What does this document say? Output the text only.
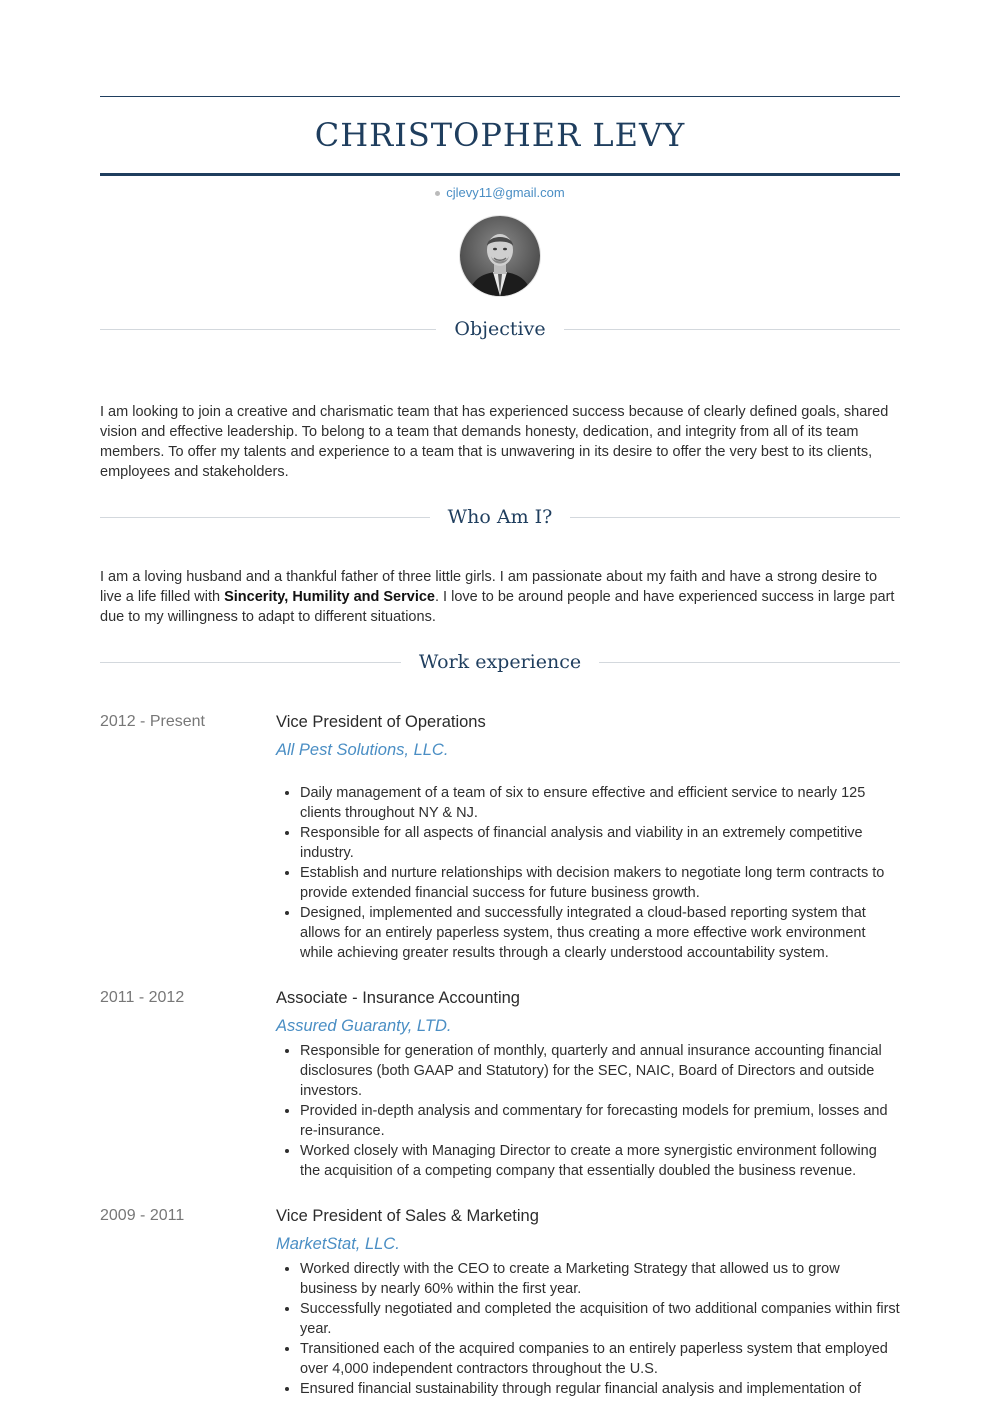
CHRISTOPHER LEVY
cjlevy11@gmail.com
Objective
I am looking to join a creative and charismatic team that has experienced success because of clearly defined goals, shared vision and effective leadership. To belong to a team that demands honesty, dedication, and integrity from all of its team members. To offer my talents and experience to a team that is unwavering in its desire to offer the very best to its clients, employees and stakeholders.
Who Am I?
I am a loving husband and a thankful father of three little girls. I am passionate about my faith and have a strong desire to live a life filled with Sincerity, Humility and Service. I love to be around people and have experienced success in large part due to my willingness to adapt to different situations.
Work experience
2012 - Present	Vice President of Operations
All Pest Solutions, LLC.
• Daily management of a team of six to ensure effective and efficient service to nearly 125 clients throughout NY & NJ.
• Responsible for all aspects of financial analysis and viability in an extremely competitive industry.
• Establish and nurture relationships with decision makers to negotiate long term contracts to provide extended financial success for future business growth.
• Designed, implemented and successfully integrated a cloud-based reporting system that allows for an entirely paperless system, thus creating a more effective work environment while achieving greater results through a clearly understood accountability system.
2011 - 2012	Associate - Insurance Accounting
Assured Guaranty, LTD.
• Responsible for generation of monthly, quarterly and annual insurance accounting financial disclosures (both GAAP and Statutory) for the SEC, NAIC, Board of Directors and outside investors.
• Provided in-depth analysis and commentary for forecasting models for premium, losses and re-insurance.
• Worked closely with Managing Director to create a more synergistic environment following the acquisition of a competing company that essentially doubled the business revenue.
2009 - 2011	Vice President of Sales & Marketing
MarketStat, LLC.
• Worked directly with the CEO to create a Marketing Strategy that allowed us to grow business by nearly 60% within the first year.
• Successfully negotiated and completed the acquisition of two additional companies within first year.
• Transitioned each of the acquired companies to an entirely paperless system that employed over 4,000 independent contractors throughout the U.S.
• Ensured financial sustainability through regular financial analysis and implementation of
